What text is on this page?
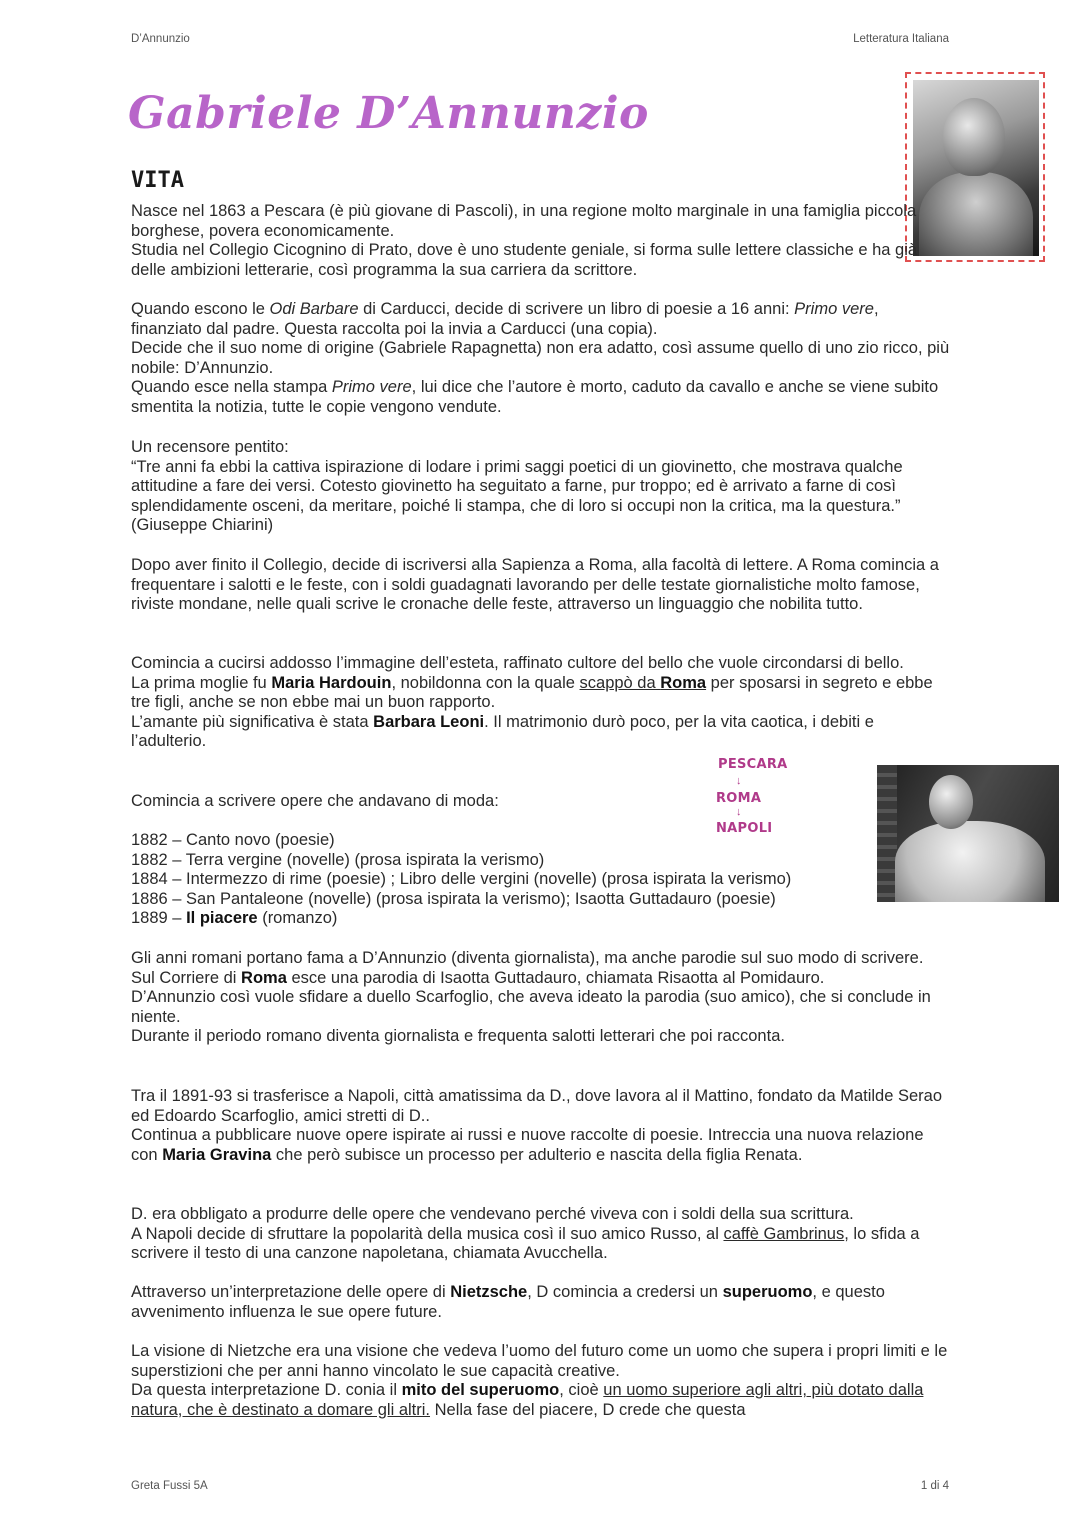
D’Annunzio	Letteratura Italiana
Gabriele D’Annunzio
VITA

Nasce nel 1863 a Pescara (è più giovane di Pascoli), in una regione molto marginale in una famiglia piccola borghese, povera economicamente.

Studia nel Collegio Cicognino di Prato, dove è uno studente geniale, si forma sulle lettere classiche e ha già delle ambizioni letterarie, così programma la sua carriera da scrittore.

Quando escono le Odi Barbare di Carducci, decide di scrivere un libro di poesie a 16 anni: Primo vere, finanziato dal padre. Questa raccolta poi la invia a Carducci (una copia).

Decide che il suo nome di origine (Gabriele Rapagnetta) non era adatto, così assume quello di uno zio ricco, più nobile: D’Annunzio.

Quando esce nella stampa Primo vere, lui dice che l’autore è morto, caduto da cavallo e anche se viene subito smentita la notizia, tutte le copie vengono vendute.

Un recensore pentito:

“Tre anni fa ebbi la cattiva ispirazione di lodare i primi saggi poetici di un giovinetto, che mostrava qualche attitudine a fare dei versi. Cotesto giovinetto ha seguitato a farne, pur troppo; ed è arrivato a farne di così splendidamente osceni, da meritare, poiché li stampa, che di loro si occupi non la critica, ma la questura.” (Giuseppe Chiarini)

Dopo aver finito il Collegio, decide di iscriversi alla Sapienza a Roma, alla facoltà di lettere. A Roma comincia a frequentare i salotti e le feste, con i soldi guadagnati lavorando per delle testate giornalistiche molto famose, riviste mondane, nelle quali scrive le cronache delle feste, attraverso un linguaggio che nobilita tutto.

Comincia a cucirsi addosso l’immagine dell’esteta, raffinato cultore del bello che vuole circondarsi di bello.

La prima moglie fu Maria Hardouin, nobildonna con la quale scappò da Roma per sposarsi in segreto e ebbe tre figli, anche se non ebbe mai un buon rapporto.

L’amante più significativa è stata Barbara Leoni. Il matrimonio durò poco, per la vita caotica, i debiti e l’adulterio.

PESCARA
↓
ROMA
↓
NAPOLI

Comincia a scrivere opere che andavano di moda:

1882 – Canto novo (poesie)

1882 – Terra vergine (novelle) (prosa ispirata la verismo)

1884 – Intermezzo di rime (poesie) ; Libro delle vergini (novelle) (prosa ispirata la verismo)

1886 – San Pantaleone (novelle) (prosa ispirata la verismo); Isaotta Guttadauro (poesie)

1889 – Il piacere (romanzo)

Gli anni romani portano fama a D’Annunzio (diventa giornalista), ma anche parodie sul suo modo di scrivere. Sul Corriere di Roma esce una parodia di Isaotta Guttadauro, chiamata Risaotta al Pomidauro.

D’Annunzio così vuole sfidare a duello Scarfoglio, che aveva ideato la parodia (suo amico), che si conclude in niente.

Durante il periodo romano diventa giornalista e frequenta salotti letterari che poi racconta.

Tra il 1891-93 si trasferisce a Napoli, città amatissima da D., dove lavora al il Mattino, fondato da Matilde Serao ed Edoardo Scarfoglio, amici stretti di D..

Continua a pubblicare nuove opere ispirate ai russi e nuove raccolte di poesie. Intreccia una nuova relazione con Maria Gravina che però subisce un processo per adulterio e nascita della figlia Renata.

D. era obbligato a produrre delle opere che vendevano perché viveva con i soldi della sua scrittura.

A Napoli decide di sfruttare la popolarità della musica così il suo amico Russo, al caffè Gambrinus, lo sfida a scrivere il testo di una canzone napoletana, chiamata Avucchella.

Attraverso un’interpretazione delle opere di Nietzsche, D comincia a credersi un superuomo, e questo avvenimento influenza le sue opere future.

La visione di Nietzche era una visione che vedeva l’uomo del futuro come un uomo che supera i propri limiti e le superstizioni che per anni hanno vincolato le sue capacità creative.

Da questa interpretazione D. conia il mito del superuomo, cioè un uomo superiore agli altri, più dotato dalla natura, che è destinato a domare gli altri. Nella fase del piacere, D crede che questa

Greta Fussi 5A	1 di 4
